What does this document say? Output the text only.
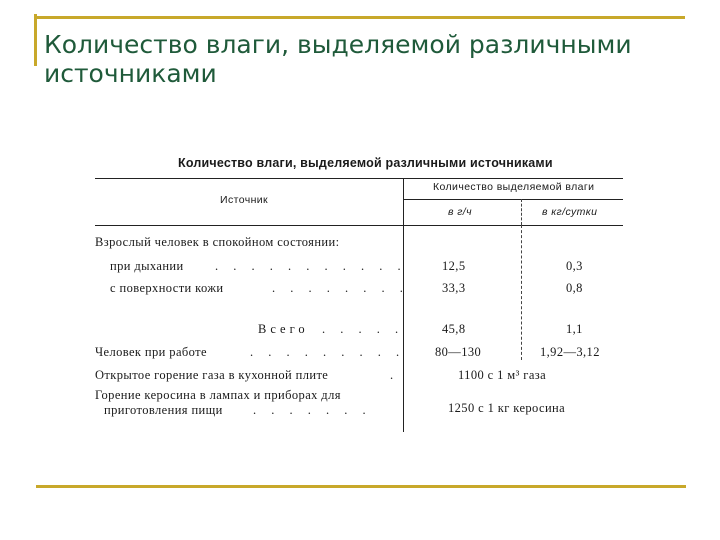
Количество влаги, выделяемой различными источниками
Количество влаги, выделяемой различными источниками
Источник
Количество выделяемой влаги
в г/ч	в кг/сутки
Взрослый человек в спокойном состоянии:
при дыхании	. . . . . . . . . . .	12,5	0,3
с поверхности кожи	. . . . . . . .	33,3	0,8
Всего . . . . .	45,8	1,1
Человек при работе	. . . . . . . . . 80—130	1,92—3,12
Открытое горение газа в кухонной плите	.	1100 с 1 м³ газа
Горение керосина в лампах и приборах для
приготовления пищи . . . . . . .	1250 с 1 кг керосина
